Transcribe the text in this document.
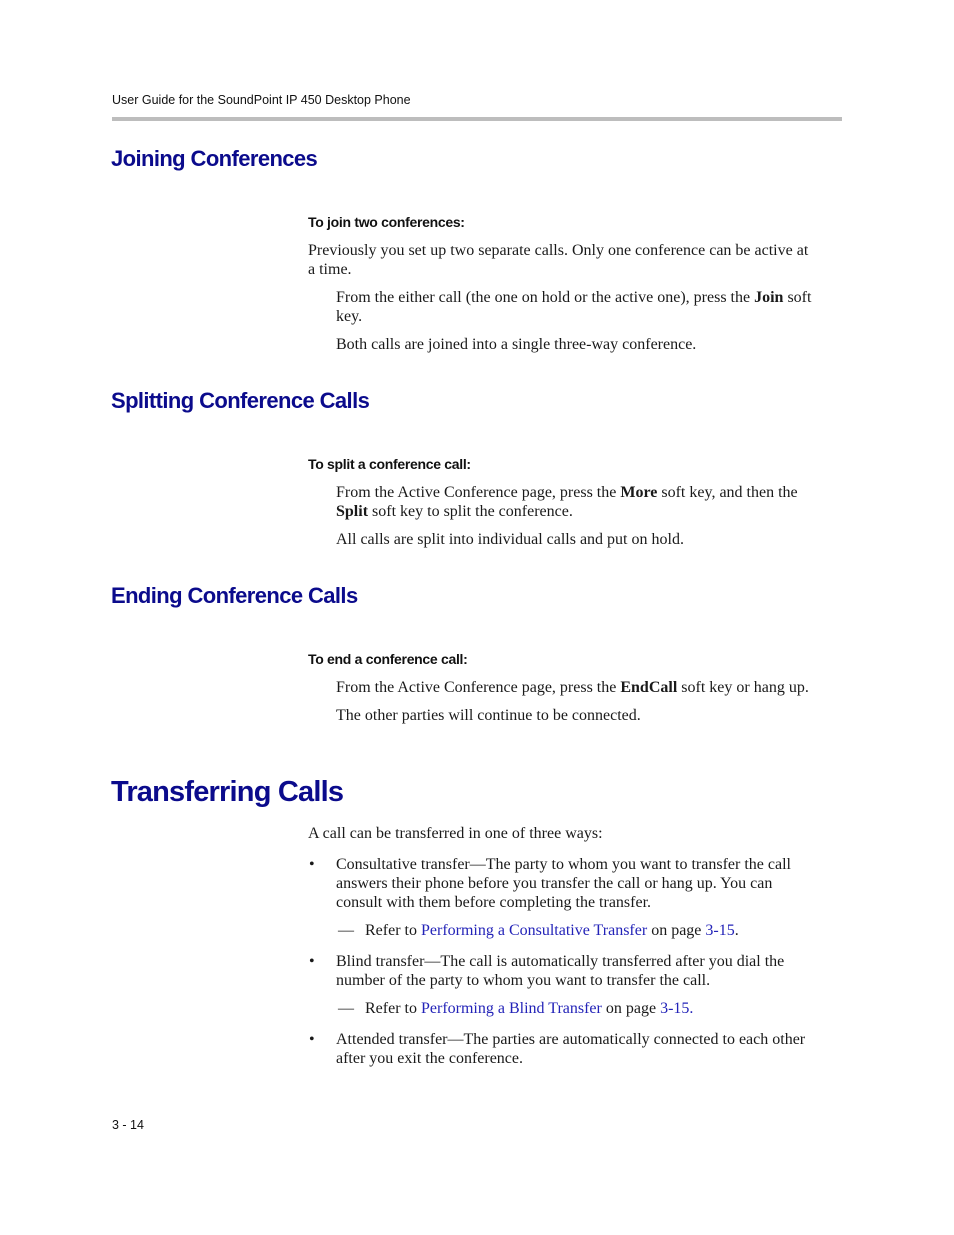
User Guide for the SoundPoint IP 450 Desktop Phone
Joining Conferences
To join two conferences:
Previously you set up two separate calls. Only one conference can be active at
a time.
From the either call (the one on hold or the active one), press the Join soft
key.
Both calls are joined into a single three-way conference.
Splitting Conference Calls
To split a conference call:
From the Active Conference page, press the More soft key, and then the
Split soft key to split the conference.
All calls are split into individual calls and put on hold.
Ending Conference Calls
To end a conference call:
From the Active Conference page, press the EndCall soft key or hang up.
The other parties will continue to be connected.
Transferring Calls
A call can be transferred in one of three ways:
• Consultative transfer—The party to whom you want to transfer the call
answers their phone before you transfer the call or hang up. You can
consult with them before completing the transfer.
— Refer to Performing a Consultative Transfer on page 3-15.
• Blind transfer—The call is automatically transferred after you dial the
number of the party to whom you want to transfer the call.
— Refer to Performing a Blind Transfer on page 3-15.
• Attended transfer—The parties are automatically connected to each other
after you exit the conference.
3 - 14
